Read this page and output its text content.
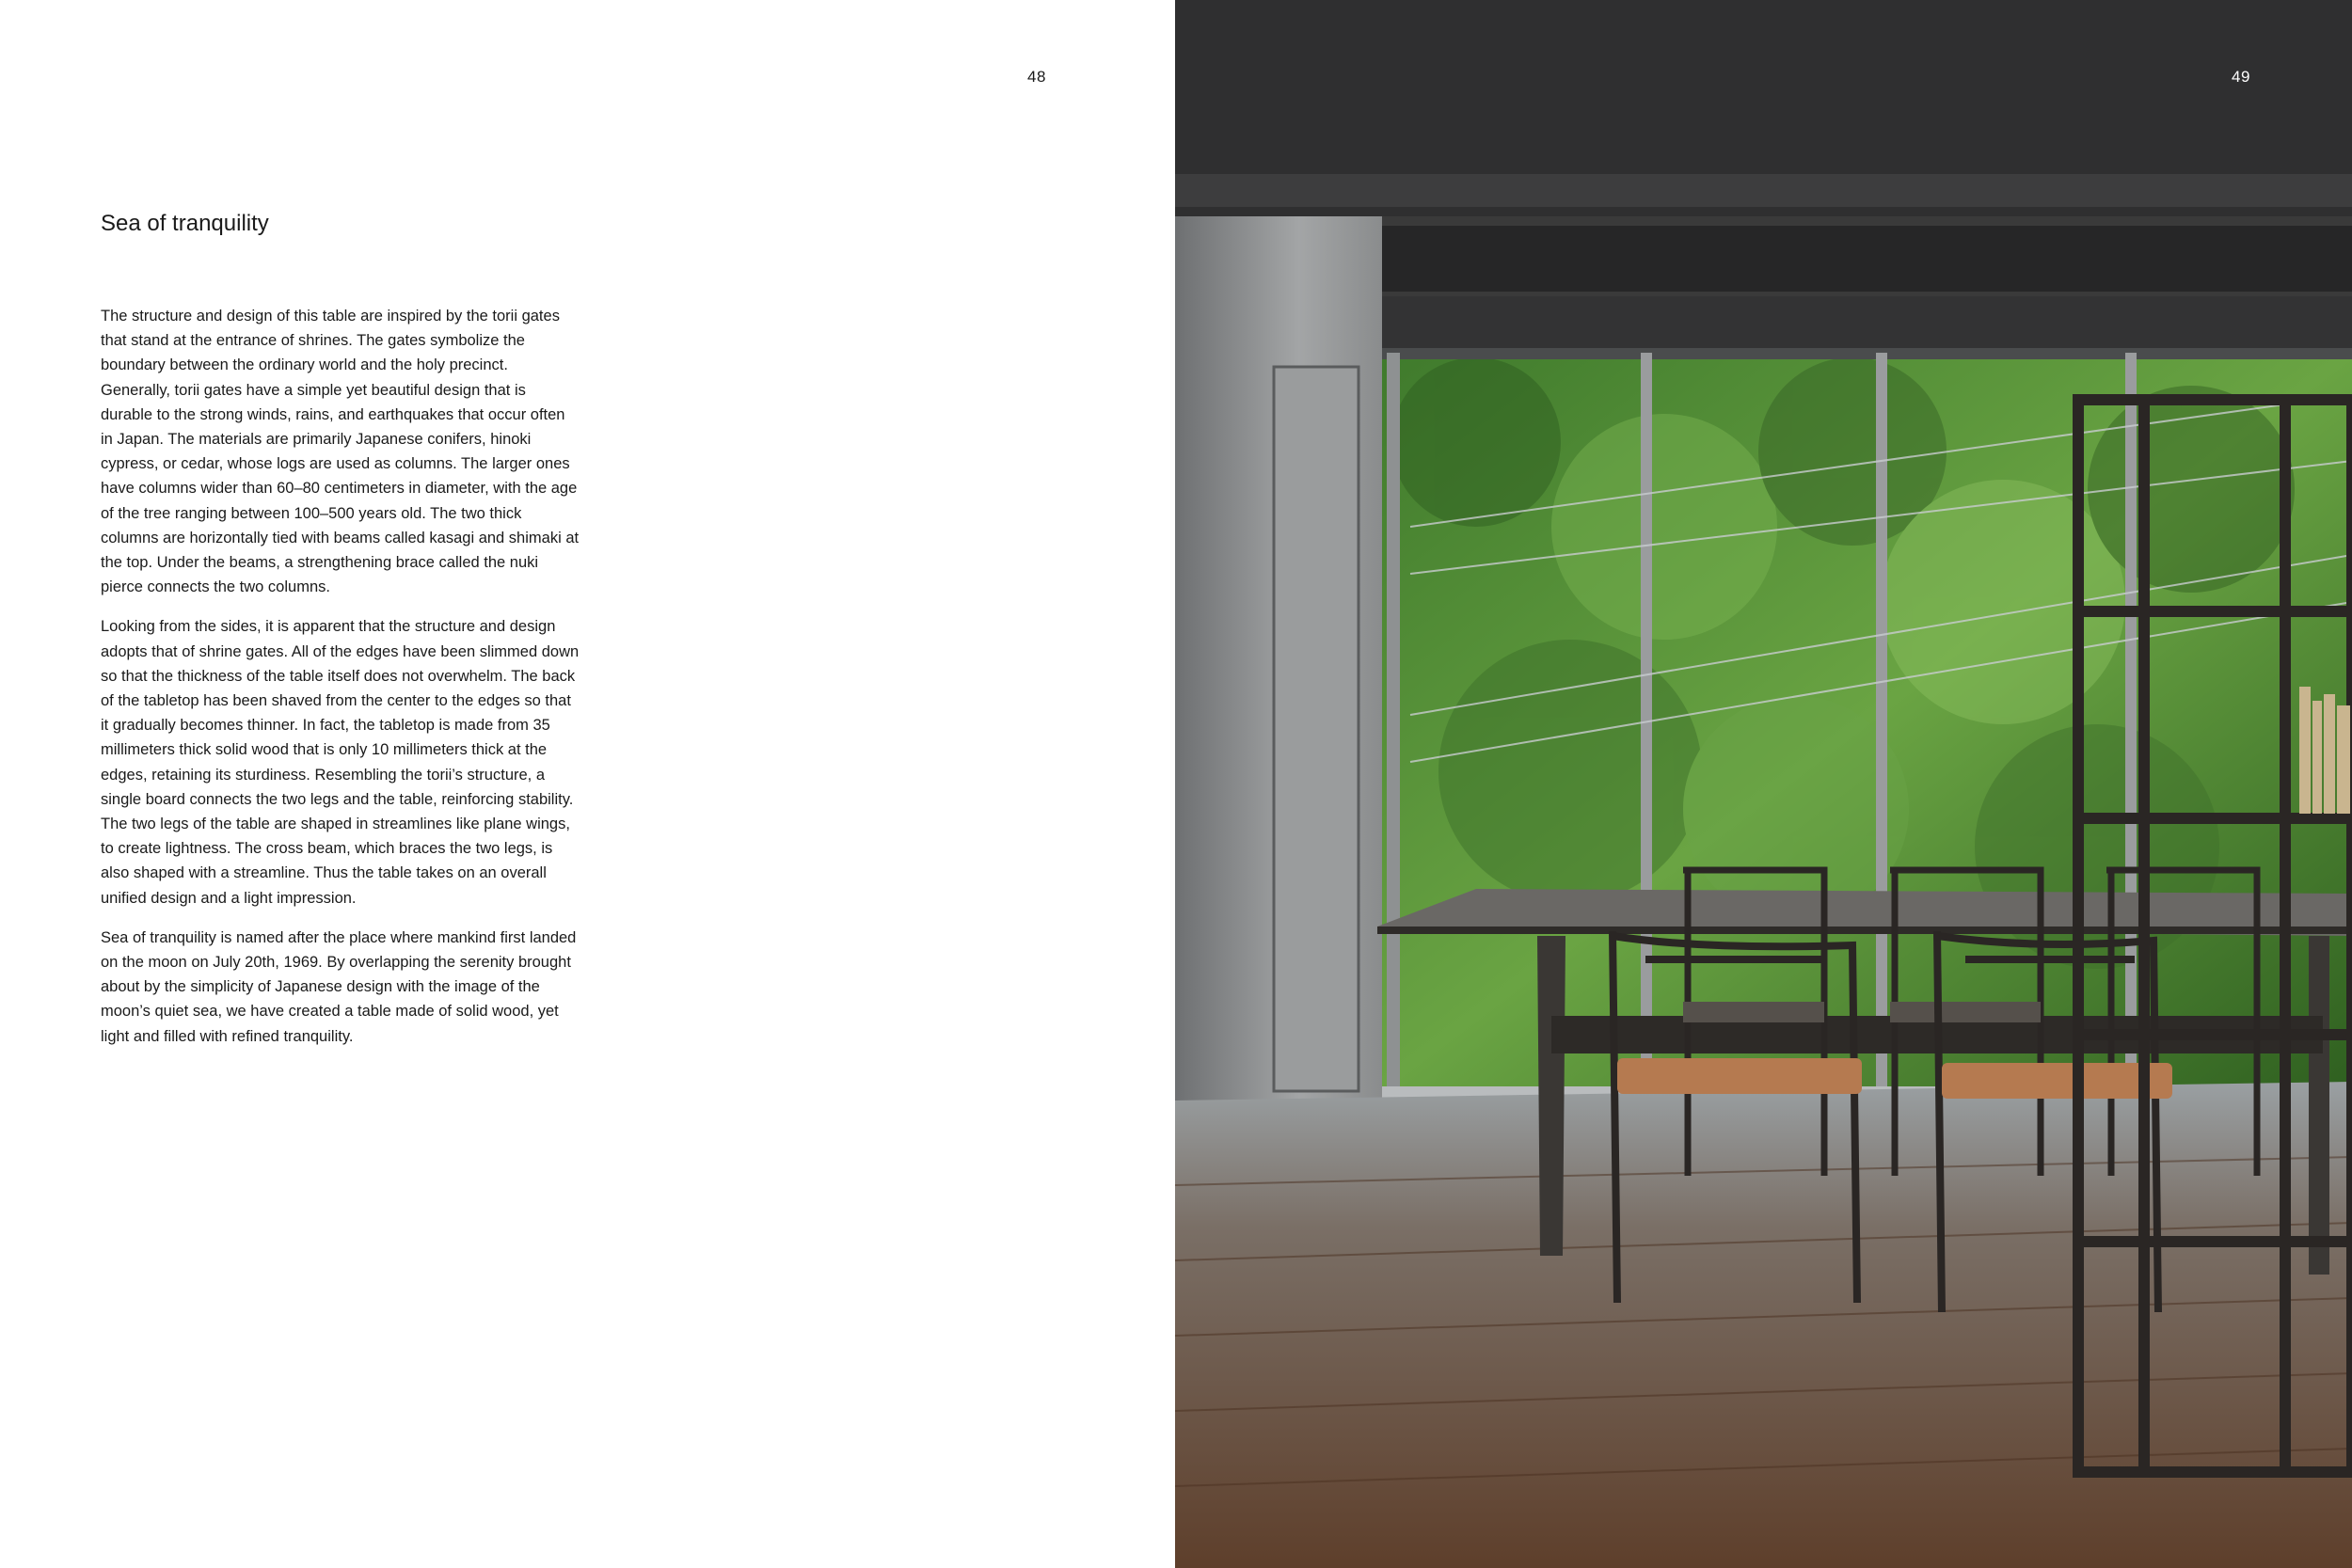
48
Sea of tranquility

The structure and design of this table are inspired by the torii gates that stand at the entrance of shrines. The gates symbolize the boundary between the ordinary world and the holy precinct. Generally, torii gates have a simple yet beautiful design that is durable to the strong winds, rains, and earthquakes that occur often in Japan. The materials are primarily Japanese conifers, hinoki cypress, or cedar, whose logs are used as columns. The larger ones have columns wider than 60–80 centimeters in diameter, with the age of the tree ranging between 100–500 years old. The two thick columns are horizontally tied with beams called kasagi and shimaki at the top. Under the beams, a strengthening brace called the nuki pierce connects the two columns.

Looking from the sides, it is apparent that the structure and design adopts that of shrine gates. All of the edges have been slimmed down so that the thickness of the table itself does not overwhelm. The back of the tabletop has been shaved from the center to the edges so that it gradually becomes thinner. In fact, the tabletop is made from 35 millimeters thick solid wood that is only 10 millimeters thick at the edges, retaining its sturdiness. Resembling the torii’s structure, a single board connects the two legs and the table, reinforcing stability. The two legs of the table are shaped in streamlines like plane wings, to create lightness. The cross beam, which braces the two legs, is also shaped with a streamline. Thus the table takes on an overall unified design and a light impression.

Sea of tranquility is named after the place where mankind first landed on the moon on July 20th, 1969. By overlapping the serenity brought about by the simplicity of Japanese design with the image of the moon’s quiet sea, we have created a table made of solid wood, yet light and filled with refined tranquility.

49
